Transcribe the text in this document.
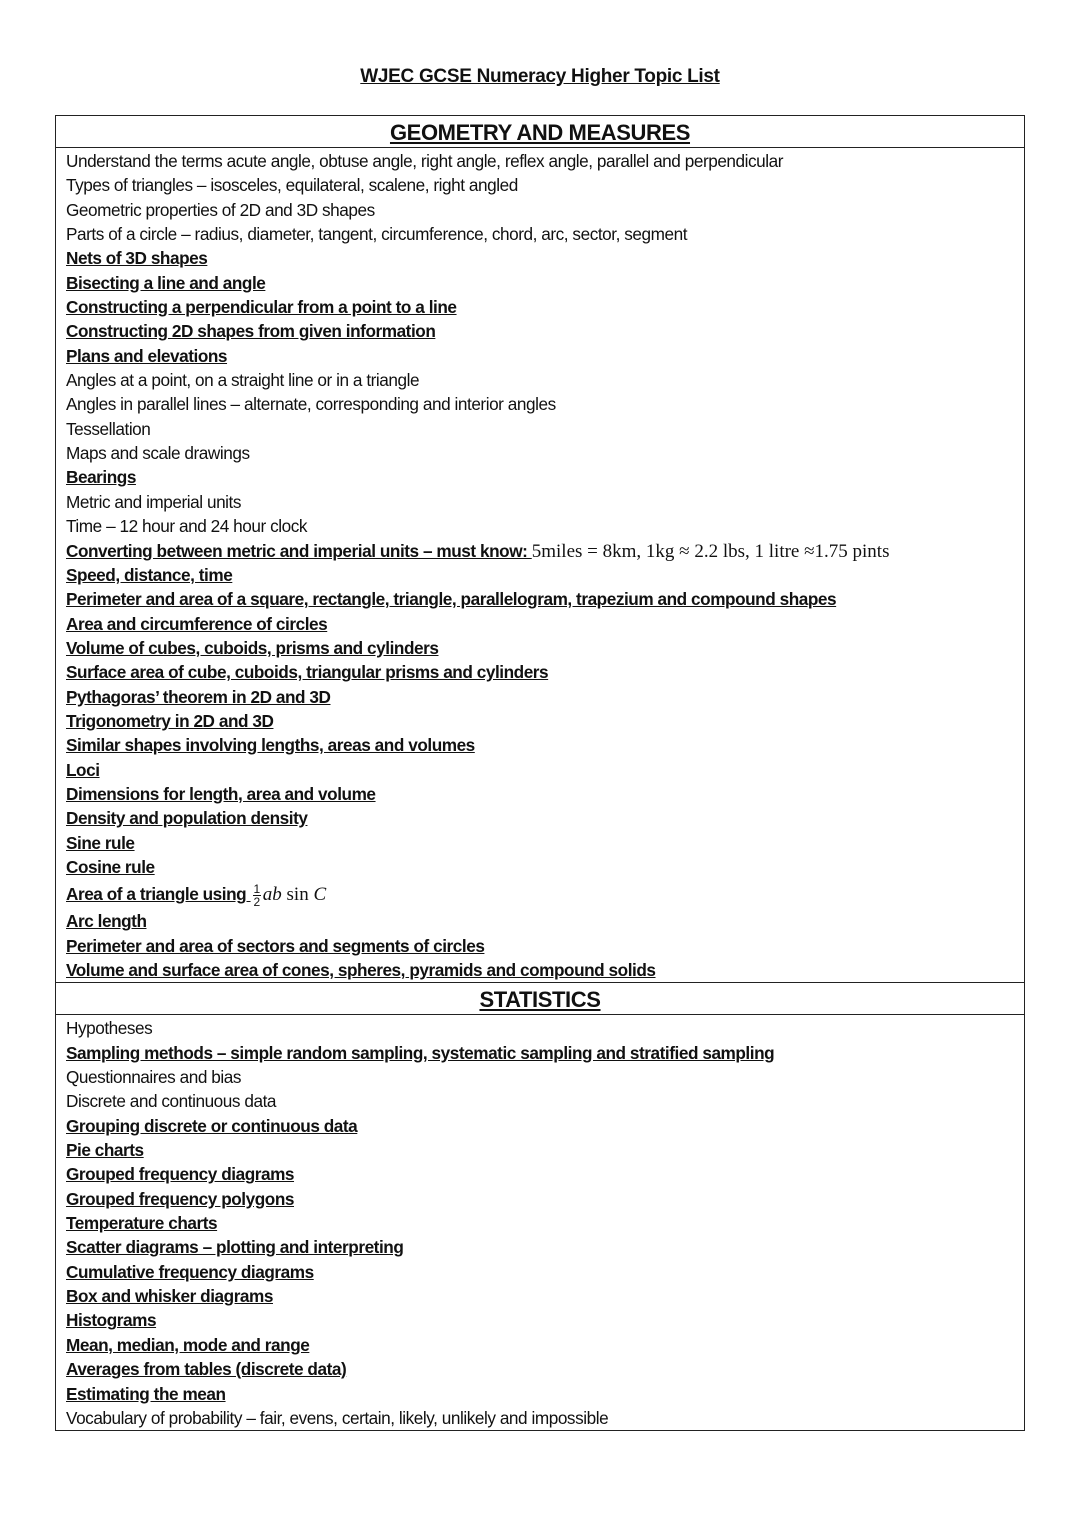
WJEC GCSE Numeracy Higher Topic List
GEOMETRY AND MEASURES
Understand the terms acute angle, obtuse angle, right angle, reflex angle, parallel and perpendicular
Types of triangles – isosceles, equilateral, scalene, right angled
Geometric properties of 2D and 3D shapes
Parts of a circle – radius, diameter, tangent, circumference, chord, arc, sector, segment
Nets of 3D shapes
Bisecting a line and angle
Constructing a perpendicular from a point to a line
Constructing 2D shapes from given information
Plans and elevations
Angles at a point, on a straight line or in a triangle
Angles in parallel lines – alternate, corresponding and interior angles
Tessellation
Maps and scale drawings
Bearings
Metric and imperial units
Time – 12 hour and 24 hour clock
Converting between metric and imperial units – must know: 5miles = 8km, 1kg ≈ 2.2 lbs, 1 litre ≈1.75 pints
Speed, distance, time
Perimeter and area of a square, rectangle, triangle, parallelogram, trapezium and compound shapes
Area and circumference of circles
Volume of cubes, cuboids, prisms and cylinders
Surface area of cube, cuboids, triangular prisms and cylinders
Pythagoras’ theorem in 2D and 3D
Trigonometry in 2D and 3D
Similar shapes involving lengths, areas and volumes
Loci
Dimensions for length, area and volume
Density and population density
Sine rule
Cosine rule
Area of a triangle using $\frac{1}{2}$ ab sin C
Arc length
Perimeter and area of sectors and segments of circles
Volume and surface area of cones, spheres, pyramids and compound solids
STATISTICS
Hypotheses
Sampling methods – simple random sampling, systematic sampling and stratified sampling
Questionnaires and bias
Discrete and continuous data
Grouping discrete or continuous data
Pie charts
Grouped frequency diagrams
Grouped frequency polygons
Temperature charts
Scatter diagrams – plotting and interpreting
Cumulative frequency diagrams
Box and whisker diagrams
Histograms
Mean, median, mode and range
Averages from tables (discrete data)
Estimating the mean
Vocabulary of probability – fair, evens, certain, likely, unlikely and impossible
